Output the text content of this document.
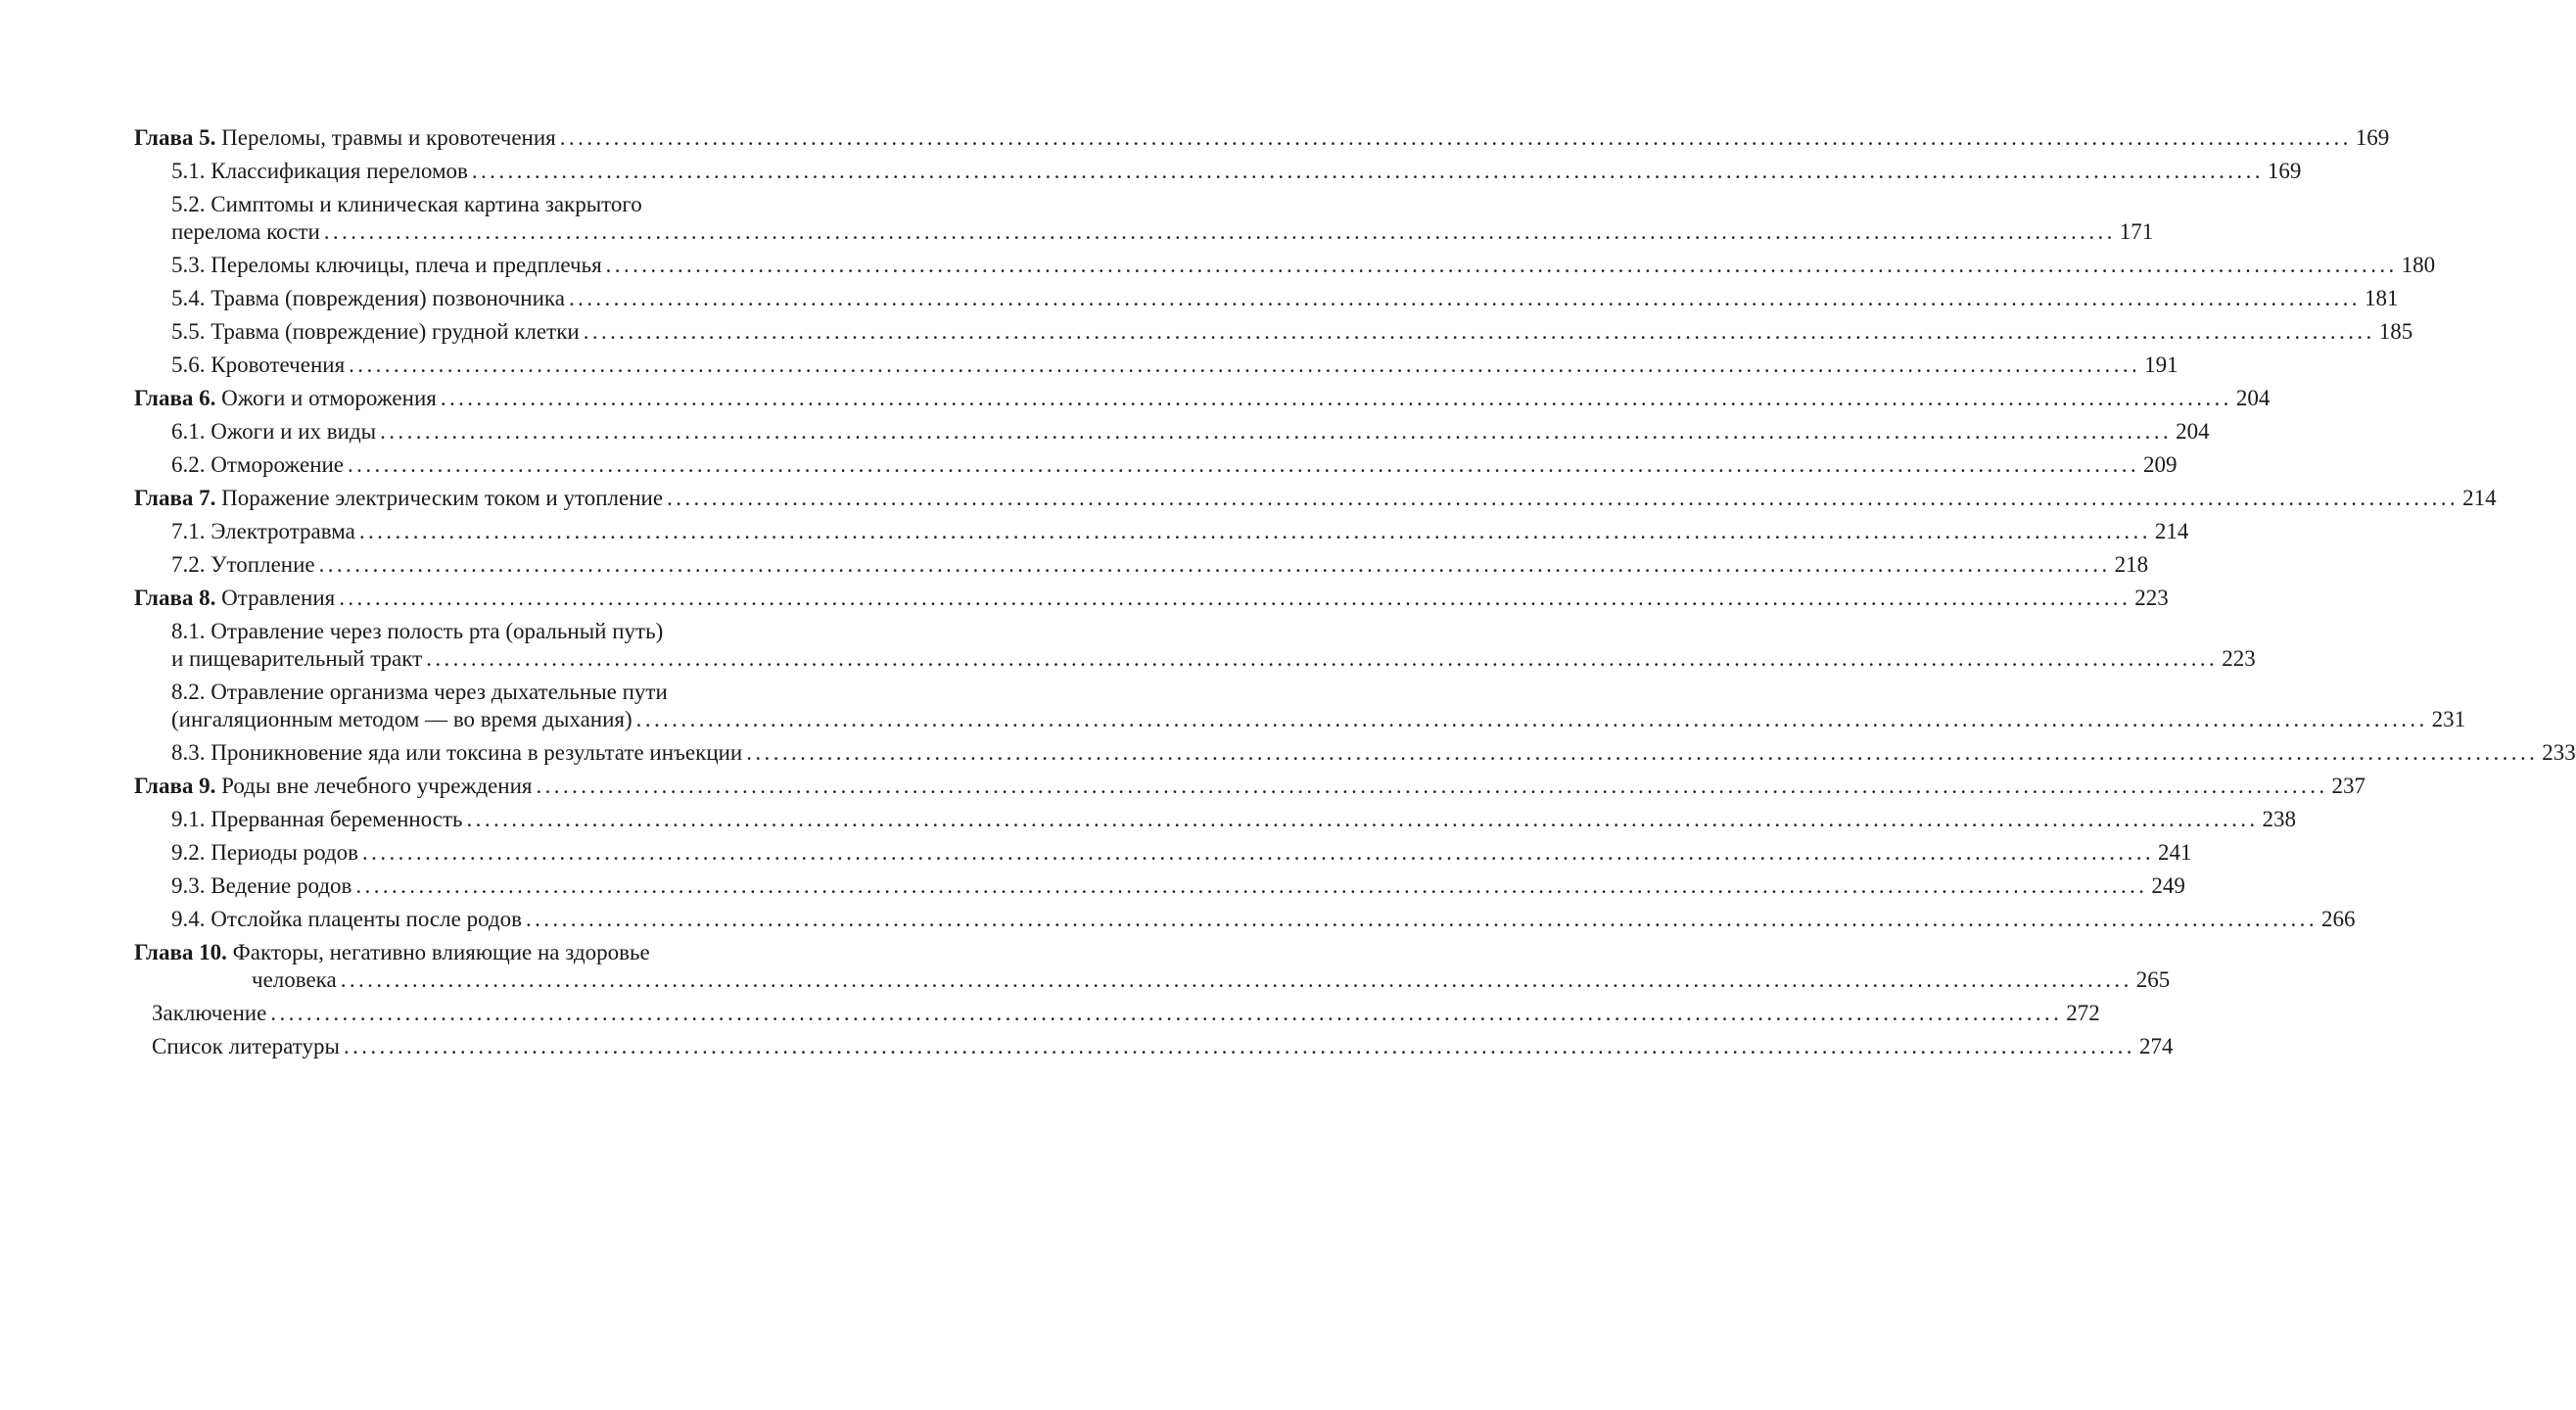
Глава 5. Переломы, травмы и кровотечения ........................................................................................................................................................................................................ 169
5.1. Классификация переломов ........................................................................................................................................................................................................ 169
5.2. Симптомы и клиническая картина закрытого
перелома кости ........................................................................................................................................................................................................ 171
5.3. Переломы ключицы, плеча и предплечья ........................................................................................................................................................................................................ 180
5.4. Травма (повреждения) позвоночника ........................................................................................................................................................................................................ 181
5.5. Травма (повреждение) грудной клетки ........................................................................................................................................................................................................ 185
5.6. Кровотечения ........................................................................................................................................................................................................ 191
Глава 6. Ожоги и отморожения ........................................................................................................................................................................................................ 204
6.1. Ожоги и их виды ........................................................................................................................................................................................................ 204
6.2. Отморожение ........................................................................................................................................................................................................ 209
Глава 7. Поражение электрическим током и утопление ........................................................................................................................................................................................................ 214
7.1. Электротравма ........................................................................................................................................................................................................ 214
7.2. Утопление ........................................................................................................................................................................................................ 218
Глава 8. Отравления ........................................................................................................................................................................................................ 223
8.1. Отравление через полость рта (оральный путь)
и пищеварительный тракт ........................................................................................................................................................................................................ 223
8.2. Отравление организма через дыхательные пути
(ингаляционным методом — во время дыхания) ........................................................................................................................................................................................................ 231
8.3. Проникновение яда или токсина в результате инъекции ........................................................................................................................................................................................................ 233
Глава 9. Роды вне лечебного учреждения ........................................................................................................................................................................................................ 237
9.1. Прерванная беременность ........................................................................................................................................................................................................ 238
9.2. Периоды родов ........................................................................................................................................................................................................ 241
9.3. Ведение родов ........................................................................................................................................................................................................ 249
9.4. Отслойка плаценты после родов ........................................................................................................................................................................................................ 266
Глава 10. Факторы, негативно влияющие на здоровье
человека ........................................................................................................................................................................................................ 265
Заключение ........................................................................................................................................................................................................ 272
Список литературы ........................................................................................................................................................................................................ 274
